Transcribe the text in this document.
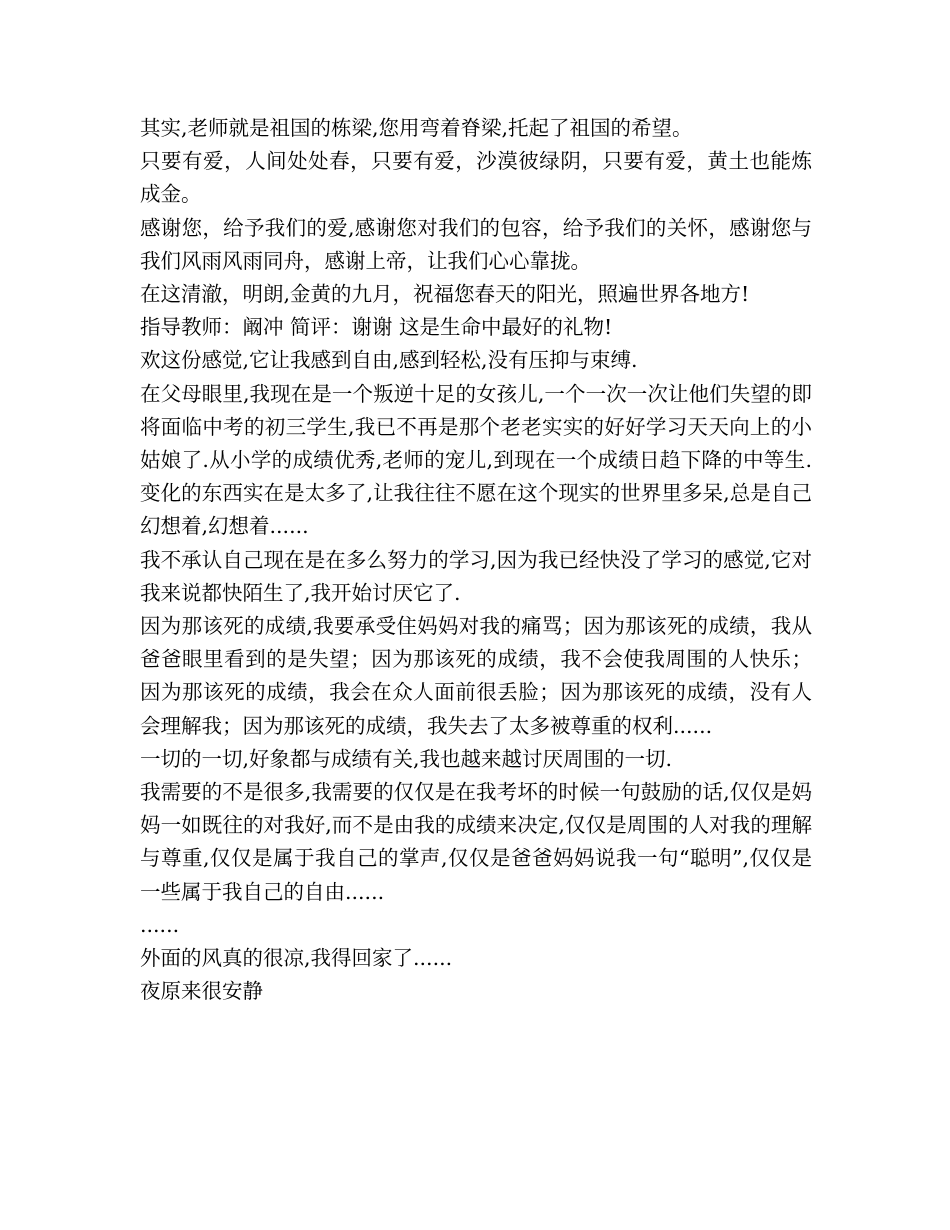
其实,老师就是祖国的栋梁,您用弯着脊梁,托起了祖国的希望。

只要有爱，人间处处春，只要有爱，沙漠彼绿阴，只要有爱，黄土也能炼成金。

感谢您，给予我们的爱,感谢您对我们的包容，给予我们的关怀，感谢您与我们风雨风雨同舟，感谢上帝，让我们心心靠拢。

在这清澈，明朗,金黄的九月，祝福您春天的阳光，照遍世界各地方!

指导教师：阚冲 简评：谢谢 这是生命中最好的礼物!

欢这份感觉,它让我感到自由,感到轻松,没有压抑与束缚.

在父母眼里,我现在是一个叛逆十足的女孩儿,一个一次一次让他们失望的即将面临中考的初三学生,我已不再是那个老老实实的好好学习天天向上的小姑娘了.从小学的成绩优秀,老师的宠儿,到现在一个成绩日趋下降的中等生.变化的东西实在是太多了,让我往往不愿在这个现实的世界里多呆,总是自己幻想着,幻想着......

我不承认自己现在是在多么努力的学习,因为我已经快没了学习的感觉,它对我来说都快陌生了,我开始讨厌它了.

因为那该死的成绩,我要承受住妈妈对我的痛骂；因为那该死的成绩，我从爸爸眼里看到的是失望；因为那该死的成绩，我不会使我周围的人快乐；因为那该死的成绩，我会在众人面前很丢脸；因为那该死的成绩，没有人会理解我；因为那该死的成绩，我失去了太多被尊重的权利......

一切的一切,好象都与成绩有关,我也越来越讨厌周围的一切.

我需要的不是很多,我需要的仅仅是在我考坏的时候一句鼓励的话,仅仅是妈妈一如既往的对我好,而不是由我的成绩来决定,仅仅是周围的人对我的理解与尊重,仅仅是属于我自己的掌声,仅仅是爸爸妈妈说我一句“聪明”,仅仅是一些属于我自己的自由......

......

外面的风真的很凉,我得回家了......

夜原来很安静
